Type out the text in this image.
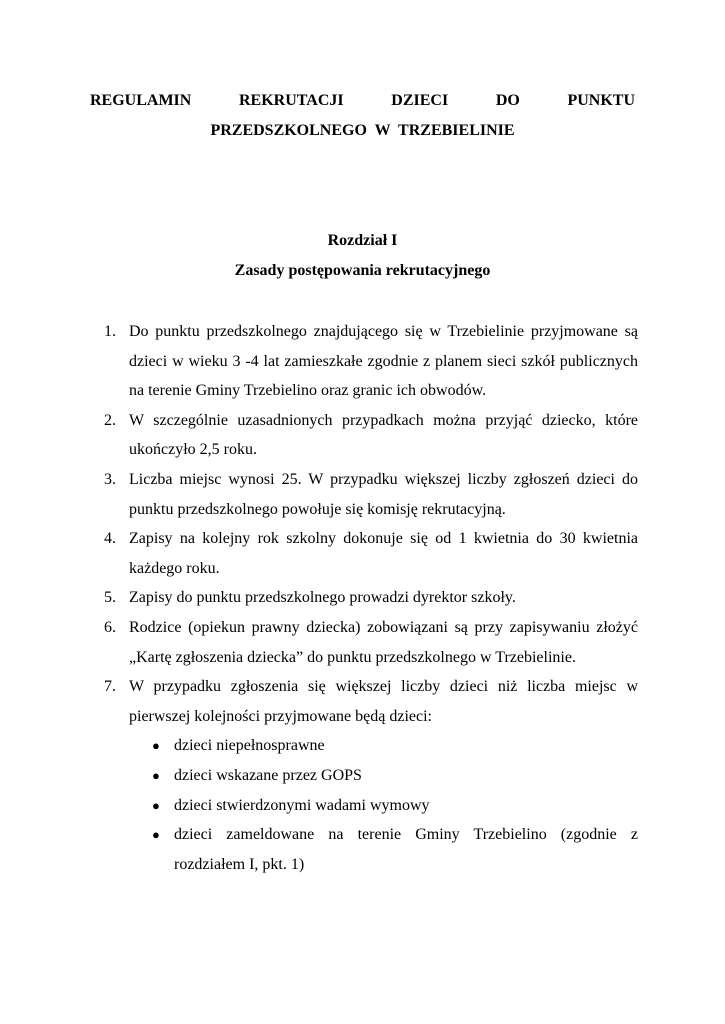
REGULAMIN	REKRUTACJI	DZIECI	DO PUNKTU
PRZEDSZKOLNEGO  W  TRZEBIELINIE
Rozdział I
Zasady postępowania rekrutacyjnego
1. Do punktu przedszkolnego znajdującego się w Trzebielinie przyjmowane są dzieci w wieku 3 -4 lat zamieszkałe zgodnie z planem sieci szkół publicznych na terenie Gminy Trzebielino oraz granic ich obwodów.
2. W szczególnie uzasadnionych przypadkach można przyjąć dziecko, które ukończyło 2,5 roku.
3. Liczba miejsc wynosi 25. W przypadku większej liczby zgłoszeń dzieci do punktu przedszkolnego powołuje się komisję rekrutacyjną.
4. Zapisy na kolejny rok szkolny dokonuje się od 1 kwietnia do 30 kwietnia każdego roku.
5. Zapisy do punktu przedszkolnego prowadzi dyrektor szkoły.
6. Rodzice (opiekun prawny dziecka) zobowiązani są przy zapisywaniu złożyć „Kartę zgłoszenia dziecka” do punktu przedszkolnego w Trzebielinie.
7. W przypadku zgłoszenia się większej liczby dzieci niż liczba miejsc w pierwszej kolejności przyjmowane będą dzieci:
● dzieci niepełnosprawne
● dzieci wskazane przez GOPS
● dzieci stwierdzonymi wadami wymowy
● dzieci zameldowane na terenie Gminy Trzebielino (zgodnie z rozdziałem I, pkt. 1)
